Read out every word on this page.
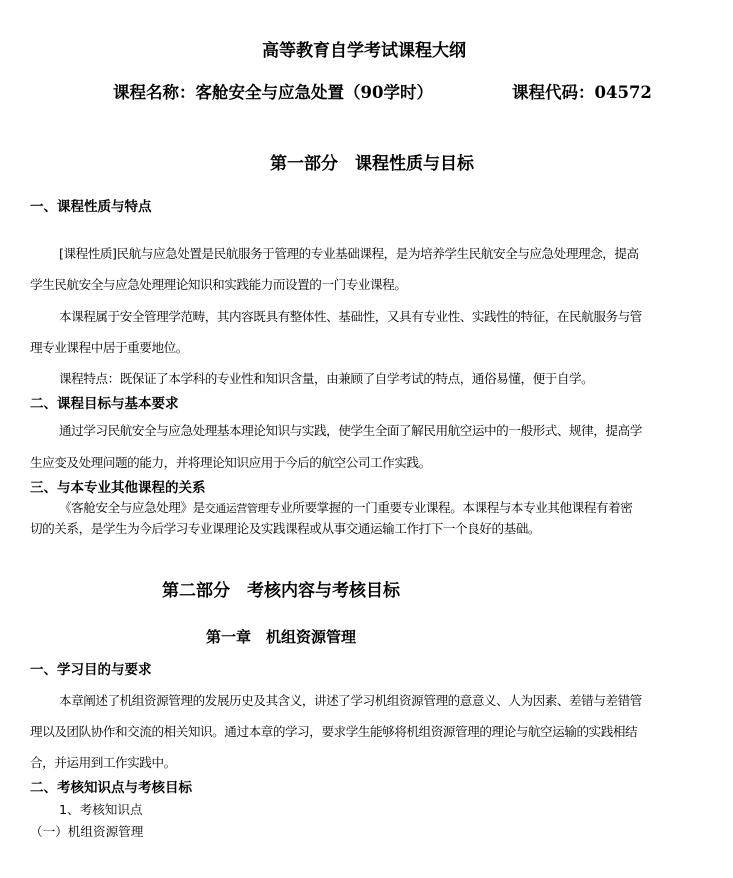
高等教育自学考试课程大纲
课程名称：客舱安全与应急处置（90学时）	课程代码：04572
第一部分　课程性质与目标
一、课程性质与特点
[课程性质]民航与应急处置是民航服务于管理的专业基础课程，是为培养学生民航安全与应急处理理念，提高
学生民航安全与应急处理理论知识和实践能力而设置的一门专业课程。
本课程属于安全管理学范畴，其内容既具有整体性、基础性，又具有专业性、实践性的特征，在民航服务与管
理专业课程中居于重要地位。
课程特点：既保证了本学科的专业性和知识含量，由兼顾了自学考试的特点，通俗易懂，便于自学。
二、课程目标与基本要求
通过学习民航安全与应急处理基本理论知识与实践，使学生全面了解民用航空运中的一般形式、规律，提高学
生应变及处理问题的能力，并将理论知识应用于今后的航空公司工作实践。
三、与本专业其他课程的关系
《客舱安全与应急处理》是交通运营管理专业所要掌握的一门重要专业课程。本课程与本专业其他课程有着密
切的关系，是学生为今后学习专业课理论及实践课程或从事交通运输工作打下一个良好的基础。
第二部分　考核内容与考核目标
第一章　机组资源管理
一、学习目的与要求
本章阐述了机组资源管理的发展历史及其含义，讲述了学习机组资源管理的意意义、人为因素、差错与差错管
理以及团队协作和交流的相关知识。通过本章的学习，要求学生能够将机组资源管理的理论与航空运输的实践相结
合，并运用到工作实践中。
二、考核知识点与考核目标
1、考核知识点
（一）机组资源管理
